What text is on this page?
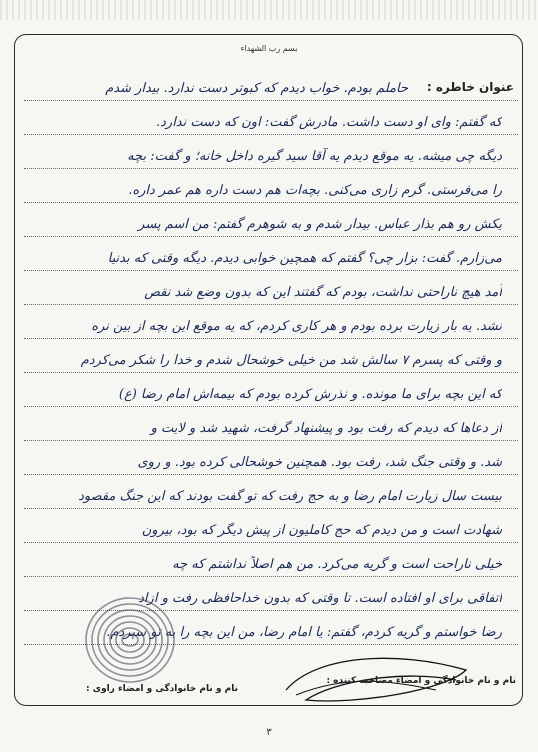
بسم رب الشهداء
عنوان خاطره :
حاملم بودم. خواب دیدم که کبوتر دست ندارد. بیدار شدم
که گفتم: وای او دست داشت. مادرش گفت: اون که دست ندارد.
دیگه چی میشه. یه موقع دیدم یه آقا سید گیره داخل خانه؛ و گفت: بچه
را می‌فرستی. گرم زاری می‌کنی. بچه‌ات هم دست داره هم عمر داره.
یکش رو هم بذار عباس. بیدار شدم و به شوهرم گفتم: من اسم پسر
می‌زارم. گفت: بزار چی؟ گفتم که همچین خوابی دیدم. دیگه وقتی که بدنیا
آمد هیچ ناراحتی نداشت، بودم که گفتند این که بدون وضع شد نقص
نشد. یه بار زیارت برده بودم و هر کاری کردم، که یه موقع این بچه از بین نره
و وقتی که پسرم ۷ سالش شد من خیلی خوشحال شدم و خدا را شکر می‌کردم
که این بچه برای ما مونده. و نذرش کرده بودم که بیمه‌اش امام رضا (ع)
از دعاها که دیدم که رفت بود و پیشنهاد گرفت، شهید شد و لایت و
شد. و وقتی جنگ شد، رفت بود. همچنین خوشحالی کرده بود. و روی
بیست سال زیارت امام رضا و به حج رفت که تو گفت بودند که این جنگ مقصود
شهادت است و من دیدم که حج کاملیون از پیش دیگر که بود، بیرون
خیلی ناراحت است و گریه می‌کرد. من هم اصلاً نداشتم که چه
اتفاقی برای او افتاده است. تا وقتی که بدون خداحافظی رفت و ازاد
رضا خواستم و گریه کردم، گفتم: یا امام رضا، من این بچه را به تو سپردم.
نام و نام خانوادگی و امضاء مصاحبه کننده :
نام و نام خانوادگی و امضاء راوی :
۳
